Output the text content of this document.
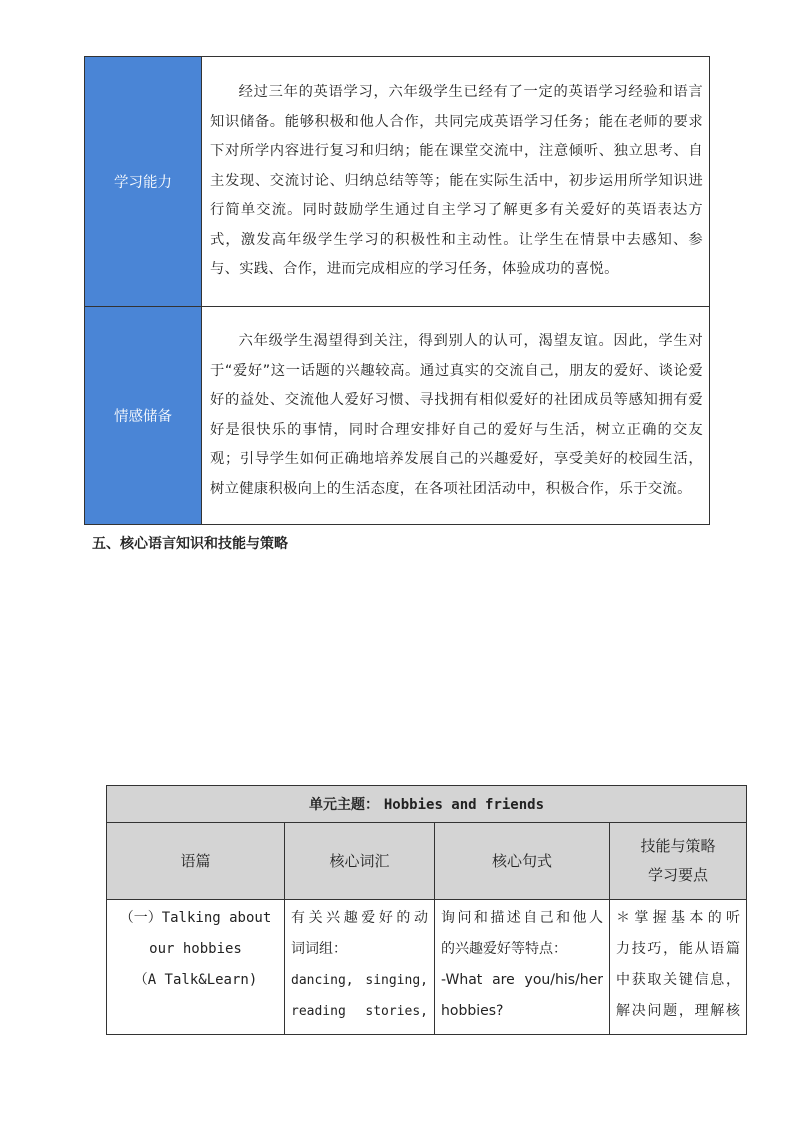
学习能力	经过三年的英语学习，六年级学生已经有了一定的英语学习经验和语言知识储备。能够积极和他人合作，共同完成英语学习任务；能在老师的要求下对所学内容进行复习和归纳；能在课堂交流中，注意倾听、独立思考、自主发现、交流讨论、归纳总结等等；能在实际生活中，初步运用所学知识进行简单交流。同时鼓励学生通过自主学习了解更多有关爱好的英语表达方式，激发高年级学生学习的积极性和主动性。让学生在情景中去感知、参与、实践、合作，进而完成相应的学习任务，体验成功的喜悦。
情感储备	六年级学生渴望得到关注，得到别人的认可，渴望友谊。因此，学生对于“爱好”这一话题的兴趣较高。通过真实的交流自己，朋友的爱好、谈论爱好的益处、交流他人爱好习惯、寻找拥有相似爱好的社团成员等感知拥有爱好是很快乐的事情，同时合理安排好自己的爱好与生活，树立正确的交友观；引导学生如何正确地培养发展自己的兴趣爱好，享受美好的校园生活，树立健康积极向上的生活态度，在各项社团活动中，积极合作，乐于交流。

五、核心语言知识和技能与策略

单元主题： Hobbies and friends			
语篇	核心词汇	核心句式	技能与策略
学习要点

（一）Talking about
our hobbies
（A Talk&Learn)	有关兴趣爱好的动
词词组：
dancing, singing,
reading stories,	询问和描述自己和他人
的兴趣爱好等特点：
-What are you/his/her
hobbies?	＊掌握基本的听
力技巧，能从语篇
中获取关键信息，
解决问题，理解核
